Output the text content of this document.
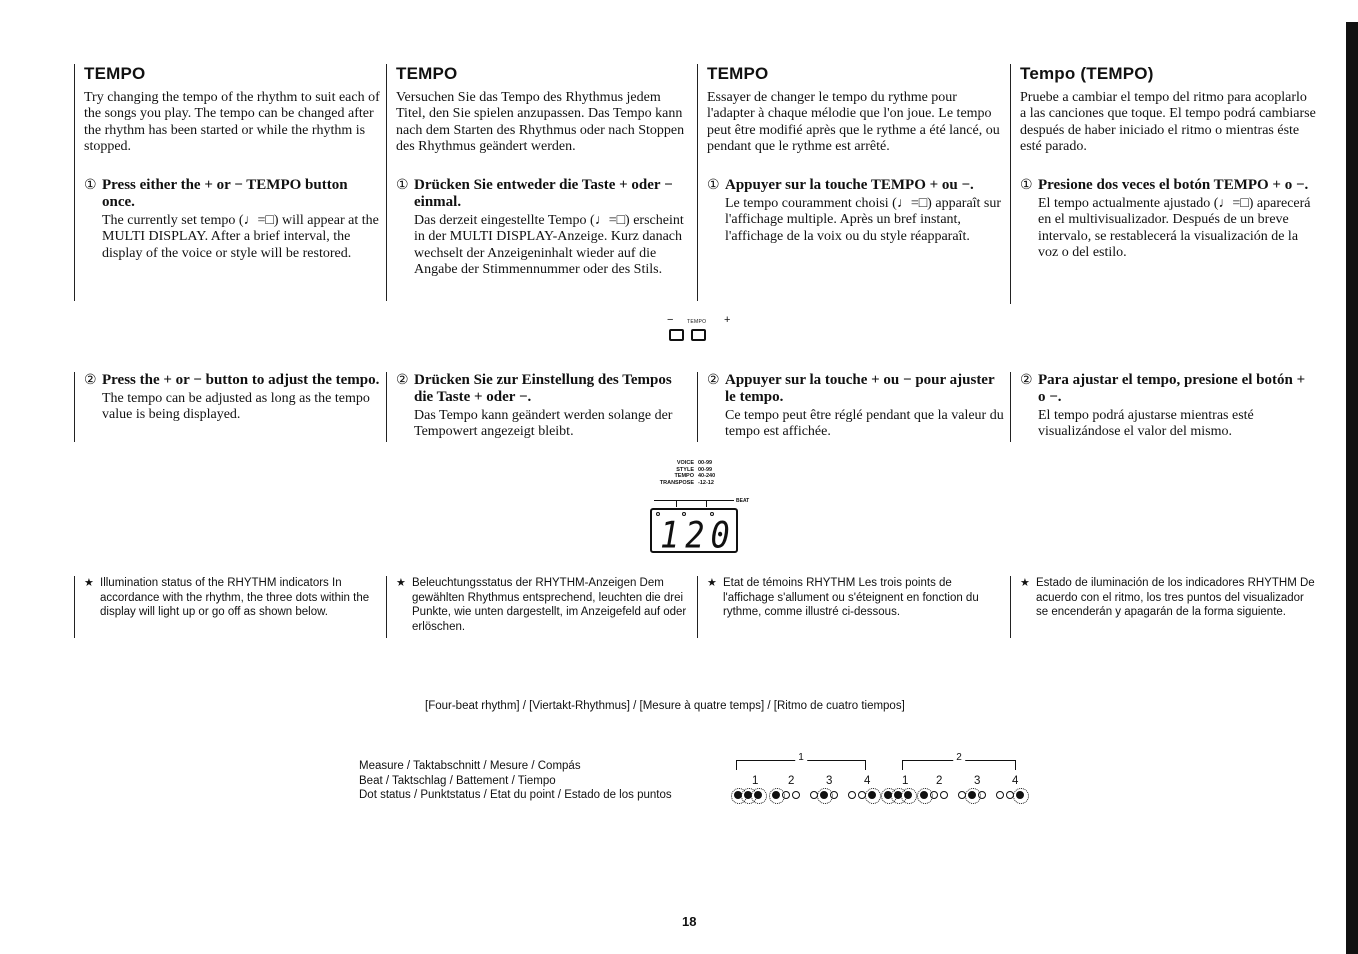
TEMPO
Try changing the tempo of the rhythm to suit each of the songs you play. The tempo can be changed after the rhythm has been started or while the rhythm is stopped.
① Press either the + or − TEMPO button once.
The currently set tempo (♩=□) will appear at the MULTI DISPLAY. After a brief interval, the display of the voice or style will be restored.
TEMPO
Versuchen Sie das Tempo des Rhythmus jedem Titel, den Sie spielen anzupassen. Das Tempo kann nach dem Starten des Rhythmus oder nach Stoppen des Rhythmus geändert werden.
① Drücken Sie entweder die Taste + oder − einmal.
Das derzeit eingestellte Tempo (♩=□) erscheint in der MULTI DISPLAY-Anzeige. Kurz danach wechselt der Anzeigeninhalt wieder auf die Angabe der Stimmennummer oder des Stils.
TEMPO
Essayer de changer le tempo du rythme pour l'adapter à chaque mélodie que l'on joue. Le tempo peut être modifié après que le rythme a été lancé, ou pendant que le rythme est arrêté.
① Appuyer sur la touche TEMPO + ou −.
Le tempo couramment choisi (♩=□) apparaît sur l'affichage multiple. Après un bref instant, l'affichage de la voix ou du style réapparaît.
Tempo (TEMPO)
Pruebe a cambiar el tempo del ritmo para acoplarlo a las canciones que toque. El tempo podrá cambiarse después de haber iniciado el ritmo o mientras éste esté parado.
① Presione dos veces el botón TEMPO + o −.
El tempo actualmente ajustado (♩=□) aparecerá en el multivisualizador. Después de un breve intervalo, se restablecerá la visualización de la voz o del estilo.
−	TEMPO +
② Press the + or − button to adjust the tempo.
The tempo can be adjusted as long as the tempo value is being displayed.
② Drücken Sie zur Einstellung des Tempos die Taste + oder −.
Das Tempo kann geändert werden solange der Tempowert angezeigt bleibt.
② Appuyer sur la touche + ou − pour ajuster le tempo.
Ce tempo peut être réglé pendant que la valeur du tempo est affichée.
② Para ajustar el tempo, presione el botón + o −.
El tempo podrá ajustarse mientras esté visualizándose el valor del mismo.
VOICE 00-99
STYLE 00-99
TEMPO 40-240
TRANSPOSE -12-12
BEAT
120
★ Illumination status of the RHYTHM indicators In accordance with the rhythm, the three dots within the display will light up or go off as shown below.
★ Beleuchtungsstatus der RHYTHM-Anzeigen Dem gewählten Rhythmus entsprechend, leuchten die drei Punkte, wie unten dargestellt, im Anzeigefeld auf oder erlöschen.
★ Etat de témoins RHYTHM Les trois points de l'affichage s'allument ou s'éteignent en fonction du rythme, comme illustré ci-dessous.
★ Estado de iluminación de los indicadores RHYTHM De acuerdo con el ritmo, los tres puntos del visualizador se encenderán y apagarán de la forma siguiente.
[Four-beat rhythm] / [Viertakt-Rhythmus] / [Mesure à quatre temps] / [Ritmo de cuatro tiempos]
Measure / Taktabschnitt / Mesure / Compás
Beat / Taktschlag / Battement / Tiempo
Dot status / Punktstatus / Etat du point / Estado de los puntos
1	2
1	2	3	4	1 2	3	4
18
